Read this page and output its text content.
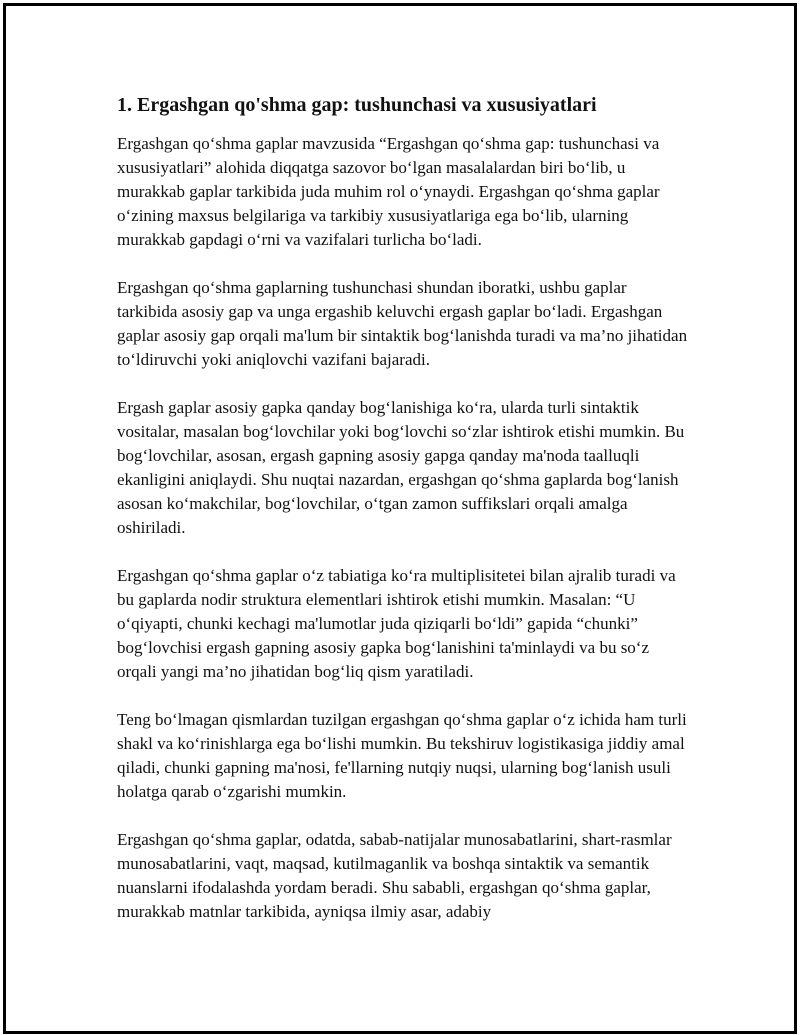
1. Ergashgan qo'shma gap: tushunchasi va xususiyatlari

Ergashgan qo‘shma gaplar mavzusida “Ergashgan qo‘shma gap: tushunchasi va xususiyatlari” alohida diqqatga sazovor bo‘lgan masalalardan biri bo‘lib, u murakkab gaplar tarkibida juda muhim rol o‘ynaydi. Ergashgan qo‘shma gaplar o‘zining maxsus belgilariga va tarkibiy xususiyatlariga ega bo‘lib, ularning murakkab gapdagi o‘rni va vazifalari turlicha bo‘ladi.

Ergashgan qo‘shma gaplarning tushunchasi shundan iboratki, ushbu gaplar tarkibida asosiy gap va unga ergashib keluvchi ergash gaplar bo‘ladi. Ergashgan gaplar asosiy gap orqali ma'lum bir sintaktik bog‘lanishda turadi va ma’no jihatidan to‘ldiruvchi yoki aniqlovchi vazifani bajaradi.

Ergash gaplar asosiy gapka qanday bog‘lanishiga ko‘ra, ularda turli sintaktik vositalar, masalan bog‘lovchilar yoki bog‘lovchi so‘zlar ishtirok etishi mumkin. Bu bog‘lovchilar, asosan, ergash gapning asosiy gapga qanday ma'noda taalluqli ekanligini aniqlaydi. Shu nuqtai nazardan, ergashgan qo‘shma gaplarda bog‘lanish asosan ko‘makchilar, bog‘lovchilar, o‘tgan zamon suffikslari orqali amalga oshiriladi.

Ergashgan qo‘shma gaplar o‘z tabiatiga ko‘ra multiplisitetei bilan ajralib turadi va bu gaplarda nodir struktura elementlari ishtirok etishi mumkin. Masalan: “U o‘qiyapti, chunki kechagi ma'lumotlar juda qiziqarli bo‘ldi” gapida “chunki” bog‘lovchisi ergash gapning asosiy gapka bog‘lanishini ta'minlaydi va bu so‘z orqali yangi ma’no jihatidan bog‘liq qism yaratiladi.

Teng bo‘lmagan qismlardan tuzilgan ergashgan qo‘shma gaplar o‘z ichida ham turli shakl va ko‘rinishlarga ega bo‘lishi mumkin. Bu tekshiruv logistikasiga jiddiy amal qiladi, chunki gapning ma'nosi, fe'llarning nutqiy nuqsi, ularning bog‘lanish usuli holatga qarab o‘zgarishi mumkin.

Ergashgan qo‘shma gaplar, odatda, sabab-natijalar munosabatlarini, shart-rasmlar munosabatlarini, vaqt, maqsad, kutilmaganlik va boshqa sintaktik va semantik nuanslarni ifodalashda yordam beradi. Shu sababli, ergashgan qo‘shma gaplar, murakkab matnlar tarkibida, ayniqsa ilmiy asar, adabiy
